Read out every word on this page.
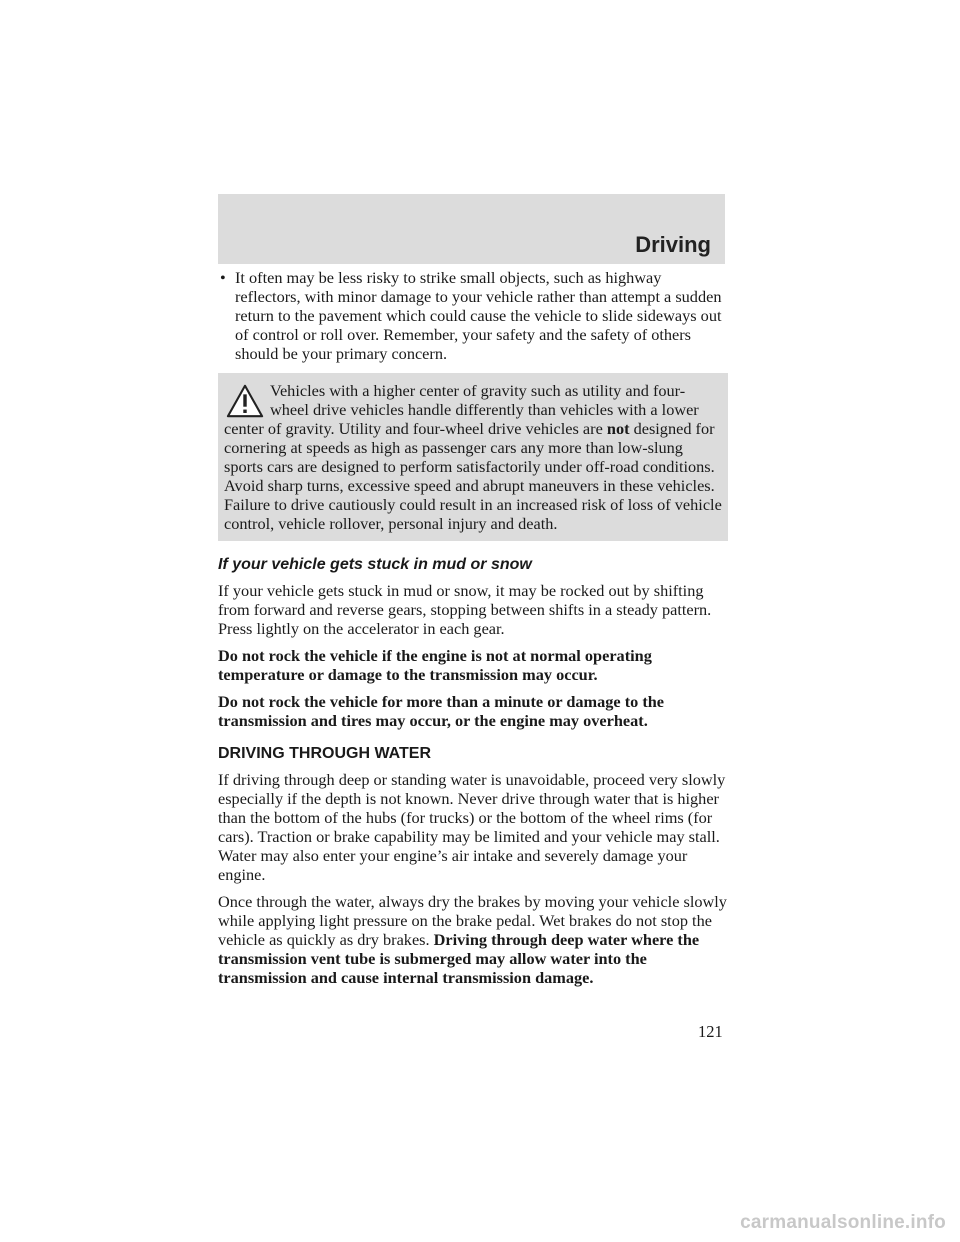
Driving
• It often may be less risky to strike small objects, such as highway reflectors, with minor damage to your vehicle rather than attempt a sudden return to the pavement which could cause the vehicle to slide sideways out of control or roll over. Remember, your safety and the safety of others should be your primary concern.
Vehicles with a higher center of gravity such as utility and four-wheel drive vehicles handle differently than vehicles with a lower center of gravity. Utility and four-wheel drive vehicles are not designed for cornering at speeds as high as passenger cars any more than low-slung sports cars are designed to perform satisfactorily under off-road conditions. Avoid sharp turns, excessive speed and abrupt maneuvers in these vehicles. Failure to drive cautiously could result in an increased risk of loss of vehicle control, vehicle rollover, personal injury and death.
If your vehicle gets stuck in mud or snow

If your vehicle gets stuck in mud or snow, it may be rocked out by shifting from forward and reverse gears, stopping between shifts in a steady pattern. Press lightly on the accelerator in each gear.

Do not rock the vehicle if the engine is not at normal operating temperature or damage to the transmission may occur.

Do not rock the vehicle for more than a minute or damage to the transmission and tires may occur, or the engine may overheat.

DRIVING THROUGH WATER

If driving through deep or standing water is unavoidable, proceed very slowly especially if the depth is not known. Never drive through water that is higher than the bottom of the hubs (for trucks) or the bottom of the wheel rims (for cars). Traction or brake capability may be limited and your vehicle may stall. Water may also enter your engine’s air intake and severely damage your engine.

Once through the water, always dry the brakes by moving your vehicle slowly while applying light pressure on the brake pedal. Wet brakes do not stop the vehicle as quickly as dry brakes. Driving through deep water where the transmission vent tube is submerged may allow water into the transmission and cause internal transmission damage.

121
carmanualsonline.info
